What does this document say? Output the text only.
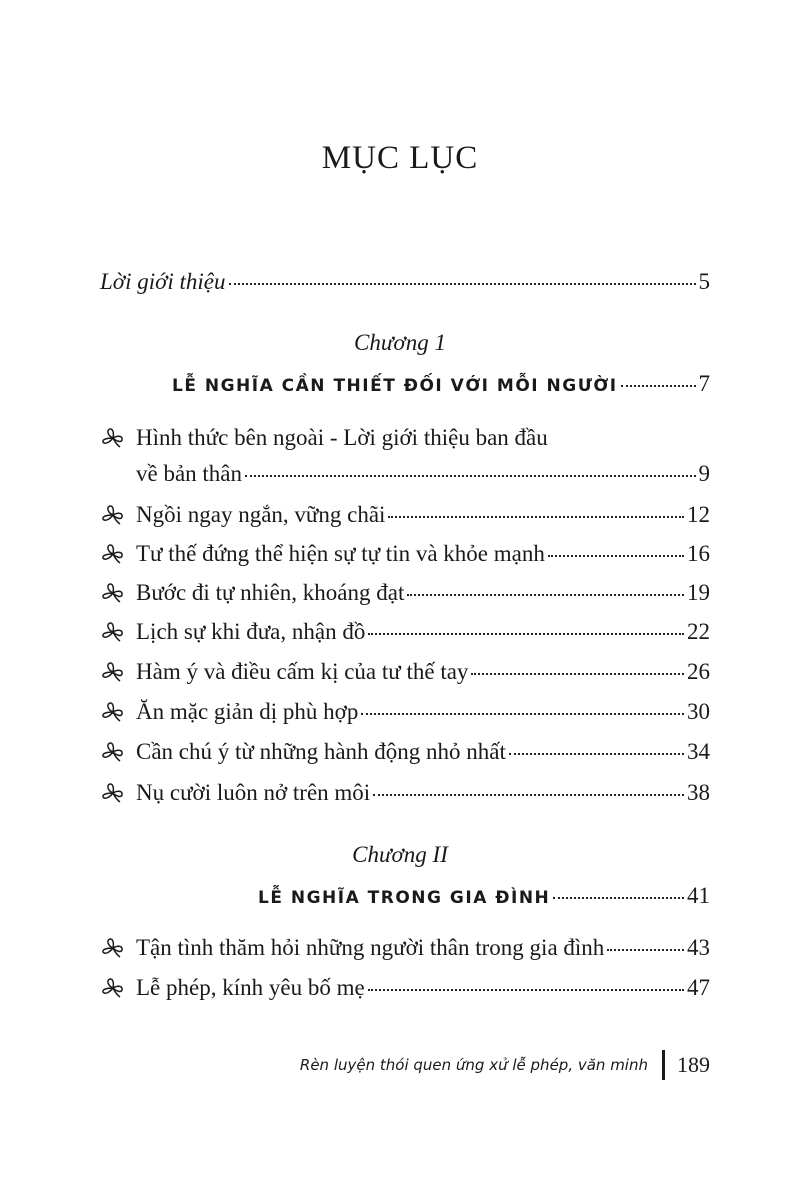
MỤC LỤC
Lời giới thiệu	5
Chương 1
LỄ NGHĨA CẦN THIẾT ĐỐI VỚI MỖI NGƯỜI	7
Hình thức bên ngoài - Lời giới thiệu ban đầu
về bản thân	9
Ngồi ngay ngắn, vững chãi	12
Tư thế đứng thể hiện sự tự tin và khỏe mạnh	16
Bước đi tự nhiên, khoáng đạt	19
Lịch sự khi đưa, nhận đồ	22
Hàm ý và điều cấm kị của tư thế tay	26
Ăn mặc giản dị phù hợp	30
Cần chú ý từ những hành động nhỏ nhất	34
Nụ cười luôn nở trên môi	38
Chương II
LỄ NGHĨA TRONG GIA ĐÌNH	41
Tận tình thăm hỏi những người thân trong gia đình	43
Lễ phép, kính yêu bố mẹ	47
Rèn luyện thói quen ứng xử lễ phép, văn minh 189
